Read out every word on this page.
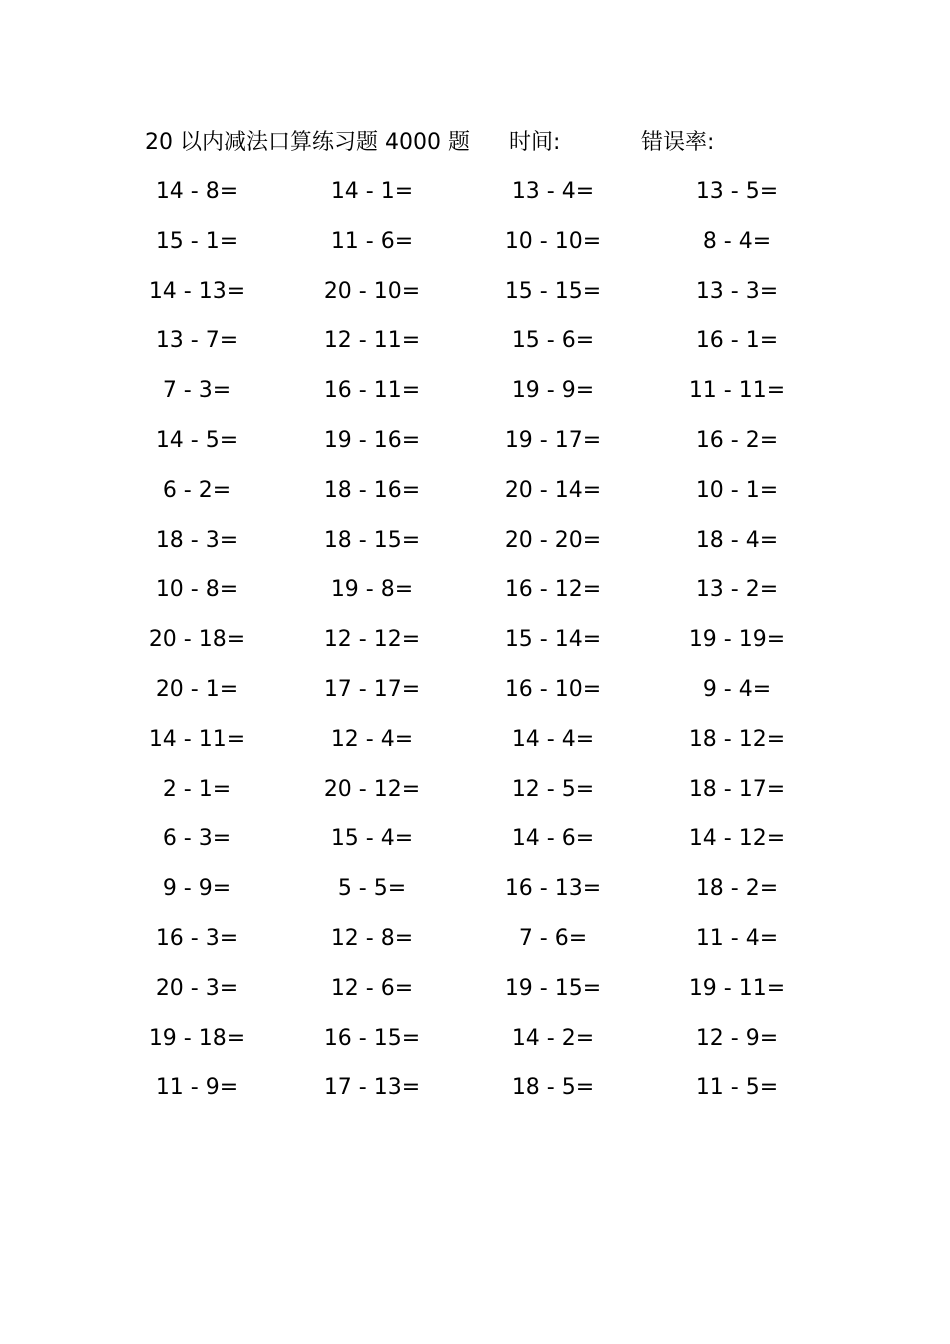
20 以内减法口算练习题 4000 题 时间:	错误率:
14 - 8=	14 - 1=	13 - 4=	13 - 5=
15 - 1=	11 - 6=	10 - 10=	8 - 4=
14 - 13=	20 - 10=	15 - 15=	13 - 3=
13 - 7=	12 - 11=	15 - 6=	16 - 1=
7 - 3=	16 - 11=	19 - 9=	11 - 11=
14 - 5=	19 - 16=	19 - 17=	16 - 2=
6 - 2=	18 - 16=	20 - 14=	10 - 1=
18 - 3=	18 - 15=	20 - 20=	18 - 4=
10 - 8=	19 - 8=	16 - 12=	13 - 2=
20 - 18=	12 - 12=	15 - 14=	19 - 19=
20 - 1=	17 - 17=	16 - 10=	9 - 4=
14 - 11=	12 - 4=	14 - 4=	18 - 12=
2 - 1=	20 - 12=	12 - 5=	18 - 17=
6 - 3=	15 - 4=	14 - 6=	14 - 12=
9 - 9=	5 - 5=	16 - 13=	18 - 2=
16 - 3=	12 - 8=	7 - 6=	11 - 4=
20 - 3=	12 - 6=	19 - 15=	19 - 11=
19 - 18=	16 - 15=	14 - 2=	12 - 9=
11 - 9=	17 - 13=	18 - 5=	11 - 5=
